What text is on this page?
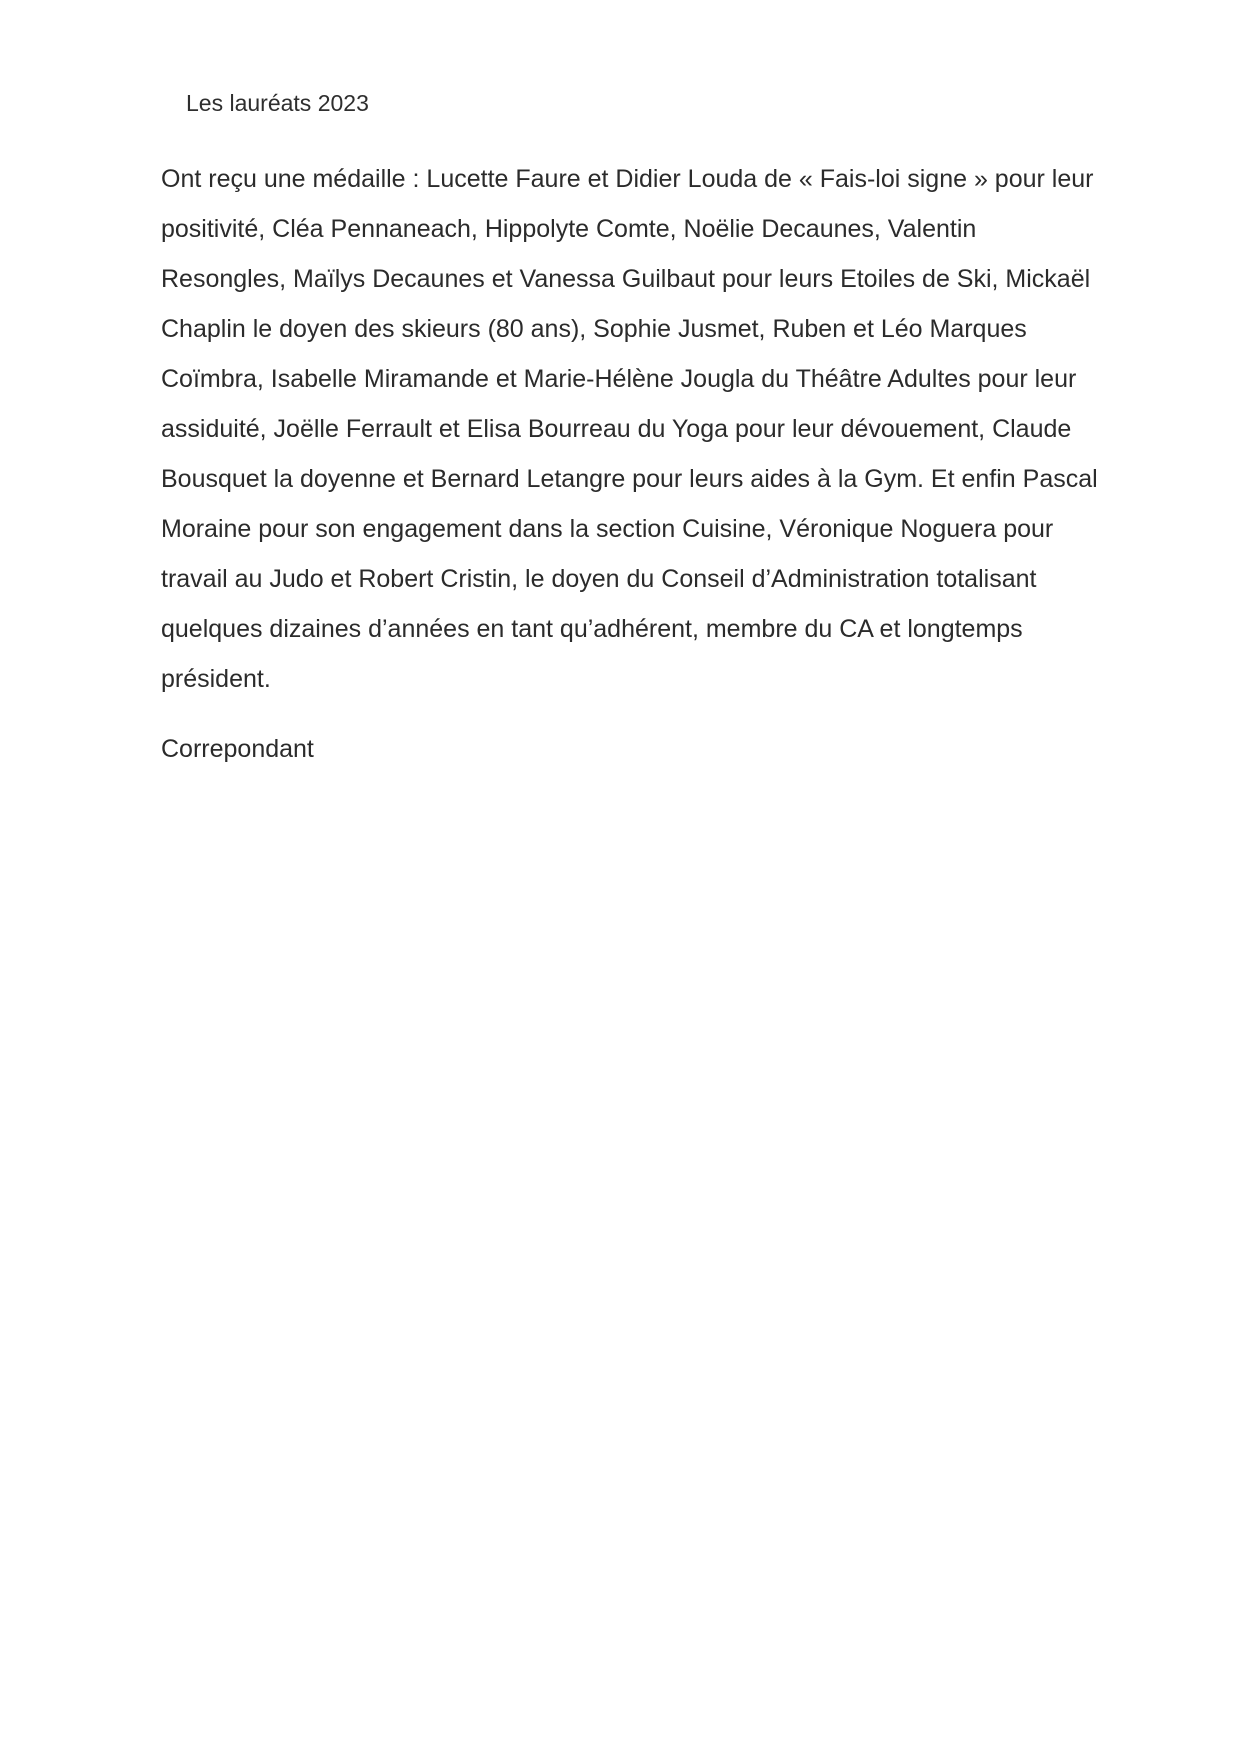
Les lauréats 2023

Ont reçu une médaille : Lucette Faure et Didier Louda de « Fais-loi signe » pour leur positivité, Cléa Pennaneach, Hippolyte Comte, Noëlie Decaunes, Valentin Resongles, Maïlys Decaunes et Vanessa Guilbaut pour leurs Etoiles de Ski, Mickaël Chaplin le doyen des skieurs (80 ans), Sophie Jusmet, Ruben et Léo Marques Coïmbra, Isabelle Miramande et Marie-Hélène Jougla du Théâtre Adultes pour leur assiduité, Joëlle Ferrault et Elisa Bourreau du Yoga pour leur dévouement, Claude Bousquet la doyenne et Bernard Letangre pour leurs aides à la Gym. Et enfin Pascal Moraine pour son engagement dans la section Cuisine, Véronique Noguera pour travail au Judo et Robert Cristin, le doyen du Conseil d’Administration totalisant quelques dizaines d’années en tant qu’adhérent, membre du CA et longtemps président.

Correpondant
